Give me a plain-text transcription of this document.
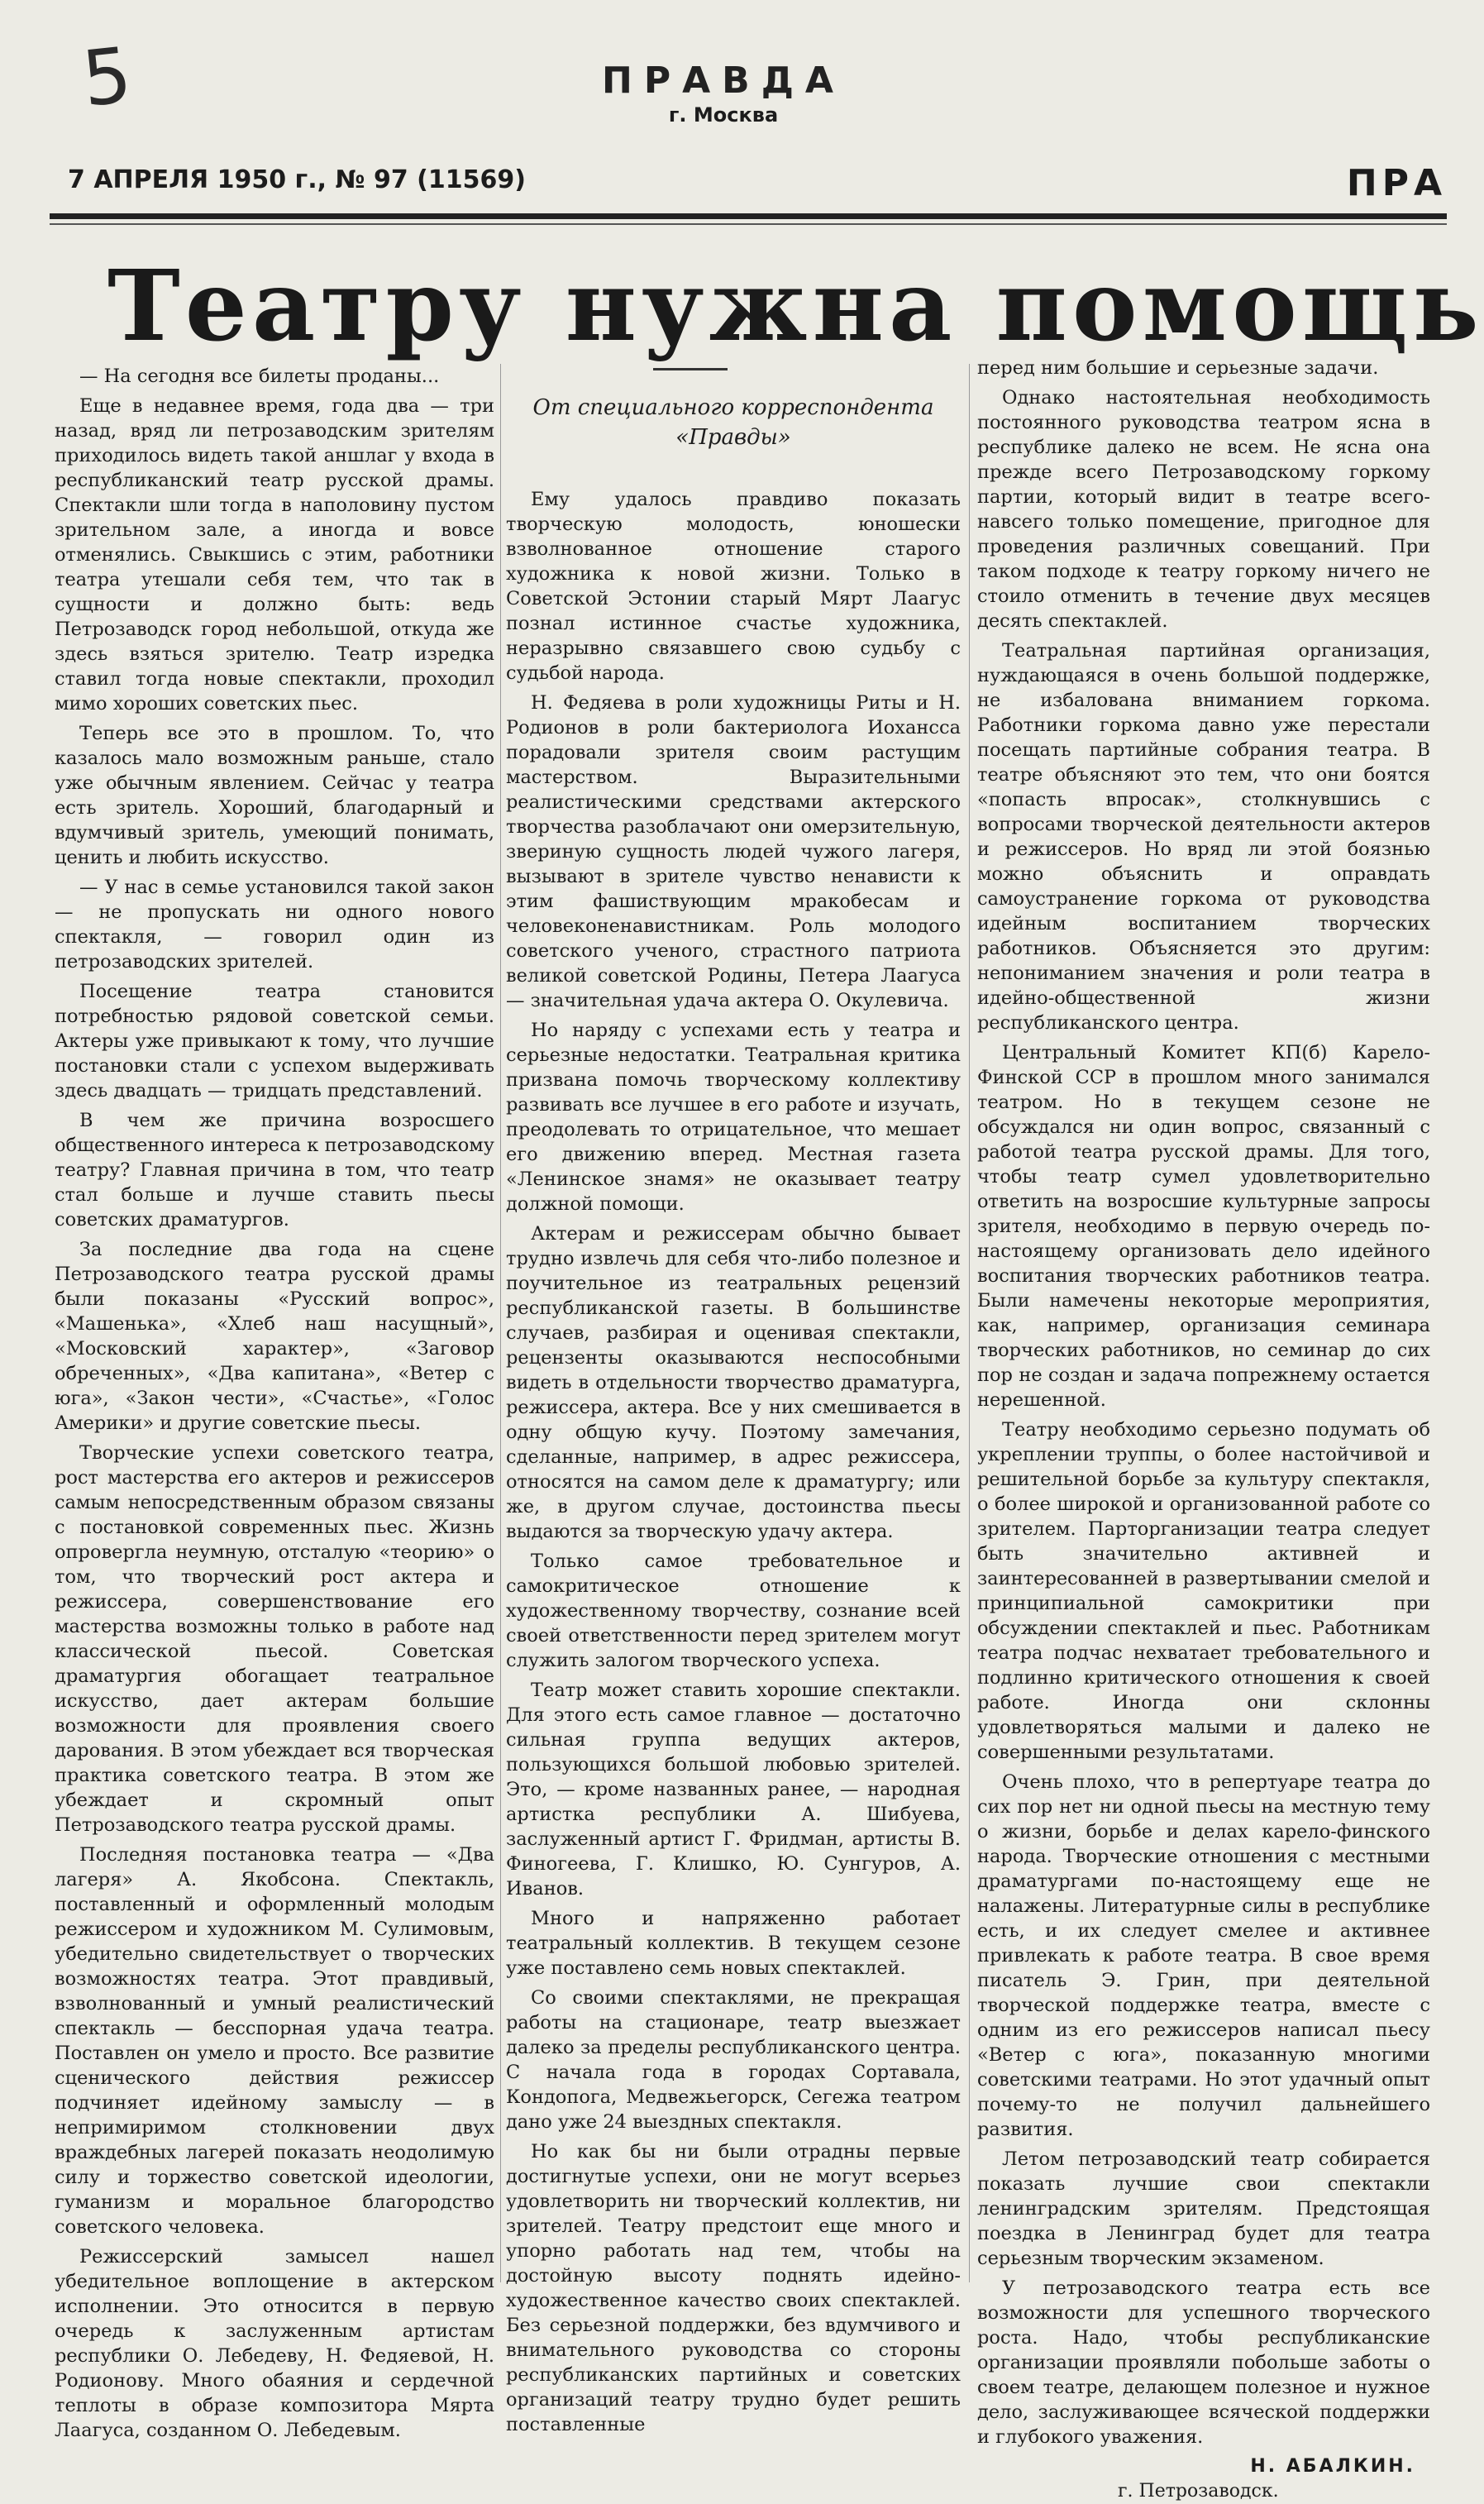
5	ПРАВДА
г. Москва
7 АПРЕЛЯ 1950 г., № 97 (11569)	ПРА
Театру нужна помощь

— На сегодня все билеты проданы...

Еще в недавнее время, года два — три назад, вряд ли петрозаводским зрителям приходилось видеть такой аншлаг у входа в республиканский театр русской драмы. Спектакли шли тогда в наполовину пустом зрительном зале, а иногда и вовсе отменялись. Свыкшись с этим, работники театра утешали себя тем, что так в сущности и должно быть: ведь Петрозаводск город небольшой, откуда же здесь взяться зрителю. Театр изредка ставил тогда новые спектакли, проходил мимо хороших советских пьес.

Теперь все это в прошлом. То, что казалось мало возможным раньше, стало уже обычным явлением. Сейчас у театра есть зритель. Хороший, благодарный и вдумчивый зритель, умеющий понимать, ценить и любить искусство.

— У нас в семье установился такой закон — не пропускать ни одного нового спектакля, — говорил один из петрозаводских зрителей.

Посещение театра становится потребностью рядовой советской семьи. Актеры уже привыкают к тому, что лучшие постановки стали с успехом выдерживать здесь двадцать — тридцать представлений.

В чем же причина возросшего общественного интереса к петрозаводскому театру? Главная причина в том, что театр стал больше и лучше ставить пьесы советских драматургов.

За последние два года на сцене Петрозаводского театра русской драмы были показаны «Русский вопрос», «Машенька», «Хлеб наш насущный», «Московский характер», «Заговор обреченных», «Два капитана», «Ветер с юга», «Закон чести», «Счастье», «Голос Америки» и другие советские пьесы.

Творческие успехи советского театра, рост мастерства его актеров и режиссеров самым непосредственным образом связаны с постановкой современных пьес. Жизнь опровергла неумную, отсталую «теорию» о том, что творческий рост актера и режиссера, совершенствование его мастерства возможны только в работе над классической пьесой. Советская драматургия обогащает театральное искусство, дает актерам большие возможности для проявления своего дарования. В этом убеждает вся творческая практика советского театра. В этом же убеждает и скромный опыт Петрозаводского театра русской драмы.

Последняя постановка театра — «Два лагеря» А. Якобсона. Спектакль, поставленный и оформленный молодым режиссером и художником М. Сулимовым, убедительно свидетельствует о творческих возможностях театра. Этот правдивый, взволнованный и умный реалистический спектакль — бесспорная удача театра. Поставлен он умело и просто. Все развитие сценического действия режиссер подчиняет идейному замыслу — в непримиримом столкновении двух враждебных лагерей показать неодолимую силу и торжество советской идеологии, гуманизм и моральное благородство советского человека.

Режиссерский замысел нашел убедительное воплощение в актерском исполнении. Это относится в первую очередь к заслуженным артистам республики О. Лебедеву, Н. Федяевой, Н. Родионову. Много обаяния и сердечной теплоты в образе композитора Мярта Лаагуса, созданном О. Лебедевым.

От специального корреспондента «Правды»

Ему удалось правдиво показать творческую молодость, юношески взволнованное отношение старого художника к новой жизни. Только в Советской Эстонии старый Мярт Лаагус познал истинное счастье художника, неразрывно связавшего свою судьбу с судьбой народа.

Н. Федяева в роли художницы Риты и Н. Родионов в роли бактериолога Иохансса порадовали зрителя своим растущим мастерством. Выразительными реалистическими средствами актерского творчества разоблачают они омерзительную, звериную сущность людей чужого лагеря, вызывают в зрителе чувство ненависти к этим фашиствующим мракобесам и человеконенавистникам. Роль молодого советского ученого, страстного патриота великой советской Родины, Петера Лаагуса — значительная удача актера О. Окулевича.

Но наряду с успехами есть у театра и серьезные недостатки. Театральная критика призвана помочь творческому коллективу развивать все лучшее в его работе и изучать, преодолевать то отрицательное, что мешает его движению вперед. Местная газета «Ленинское знамя» не оказывает театру должной помощи.

Актерам и режиссерам обычно бывает трудно извлечь для себя что-либо полезное и поучительное из театральных рецензий республиканской газеты. В большинстве случаев, разбирая и оценивая спектакли, рецензенты оказываются неспособными видеть в отдельности творчество драматурга, режиссера, актера. Все у них смешивается в одну общую кучу. Поэтому замечания, сделанные, например, в адрес режиссера, относятся на самом деле к драматургу; или же, в другом случае, достоинства пьесы выдаются за творческую удачу актера.

Только самое требовательное и самокритическое отношение к художественному творчеству, сознание всей своей ответственности перед зрителем могут служить залогом творческого успеха.

Театр может ставить хорошие спектакли. Для этого есть самое главное — достаточно сильная группа ведущих актеров, пользующихся большой любовью зрителей. Это, — кроме названных ранее, — народная артистка республики А. Шибуева, заслуженный артист Г. Фридман, артисты В. Финогеева, Г. Клишко, Ю. Сунгуров, А. Иванов.

Много и напряженно работает театральный коллектив. В текущем сезоне уже поставлено семь новых спектаклей.

Со своими спектаклями, не прекращая работы на стационаре, театр выезжает далеко за пределы республиканского центра. С начала года в городах Сортавала, Кондопога, Медвежьегорск, Сегежа театром дано уже 24 выездных спектакля.

Но как бы ни были отрадны первые достигнутые успехи, они не могут всерьез удовлетворить ни творческий коллектив, ни зрителей. Театру предстоит еще много и упорно работать над тем, чтобы на достойную высоту поднять идейно-художественное качество своих спектаклей. Без серьезной поддержки, без вдумчивого и внимательного руководства со стороны республиканских партийных и советских организаций театру трудно будет решить поставленные

перед ним большие и серьезные задачи.

Однако настоятельная необходимость постоянного руководства театром ясна в республике далеко не всем. Не ясна она прежде всего Петрозаводскому горкому партии, который видит в театре всего-навсего только помещение, пригодное для проведения различных совещаний. При таком подходе к театру горкому ничего не стоило отменить в течение двух месяцев десять спектаклей.

Театральная партийная организация, нуждающаяся в очень большой поддержке, не избалована вниманием горкома. Работники горкома давно уже перестали посещать партийные собрания театра. В театре объясняют это тем, что они боятся «попасть впросак», столкнувшись с вопросами творческой деятельности актеров и режиссеров. Но вряд ли этой боязнью можно объяснить и оправдать самоустранение горкома от руководства идейным воспитанием творческих работников. Объясняется это другим: непониманием значения и роли театра в идейно-общественной жизни республиканского центра.

Центральный Комитет КП(б) Карело-Финской ССР в прошлом много занимался театром. Но в текущем сезоне не обсуждался ни один вопрос, связанный с работой театра русской драмы. Для того, чтобы театр сумел удовлетворительно ответить на возросшие культурные запросы зрителя, необходимо в первую очередь по-настоящему организовать дело идейного воспитания творческих работников театра. Были намечены некоторые мероприятия, как, например, организация семинара творческих работников, но семинар до сих пор не создан и задача попрежнему остается нерешенной.

Театру необходимо серьезно подумать об укреплении труппы, о более настойчивой и решительной борьбе за культуру спектакля, о более широкой и организованной работе со зрителем. Парторганизации театра следует быть значительно активней и заинтересованней в развертывании смелой и принципиальной самокритики при обсуждении спектаклей и пьес. Работникам театра подчас нехватает требовательного и подлинно критического отношения к своей работе. Иногда они склонны удовлетворяться малыми и далеко не совершенными результатами.

Очень плохо, что в репертуаре театра до сих пор нет ни одной пьесы на местную тему о жизни, борьбе и делах карело-финского народа. Творческие отношения с местными драматургами по-настоящему еще не налажены. Литературные силы в республике есть, и их следует смелее и активнее привлекать к работе театра. В свое время писатель Э. Грин, при деятельной творческой поддержке театра, вместе с одним из его режиссеров написал пьесу «Ветер с юга», показанную многими советскими театрами. Но этот удачный опыт почему-то не получил дальнейшего развития.

Летом петрозаводский театр собирается показать лучшие свои спектакли ленинградским зрителям. Предстоящая поездка в Ленинград будет для театра серьезным творческим экзаменом.

У петрозаводского театра есть все возможности для успешного творческого роста. Надо, чтобы республиканские организации проявляли побольше заботы о своем театре, делающем полезное и нужное дело, заслуживающее всяческой поддержки и глубокого уважения.

Н. АБАЛКИН.
г. Петрозаводск.
